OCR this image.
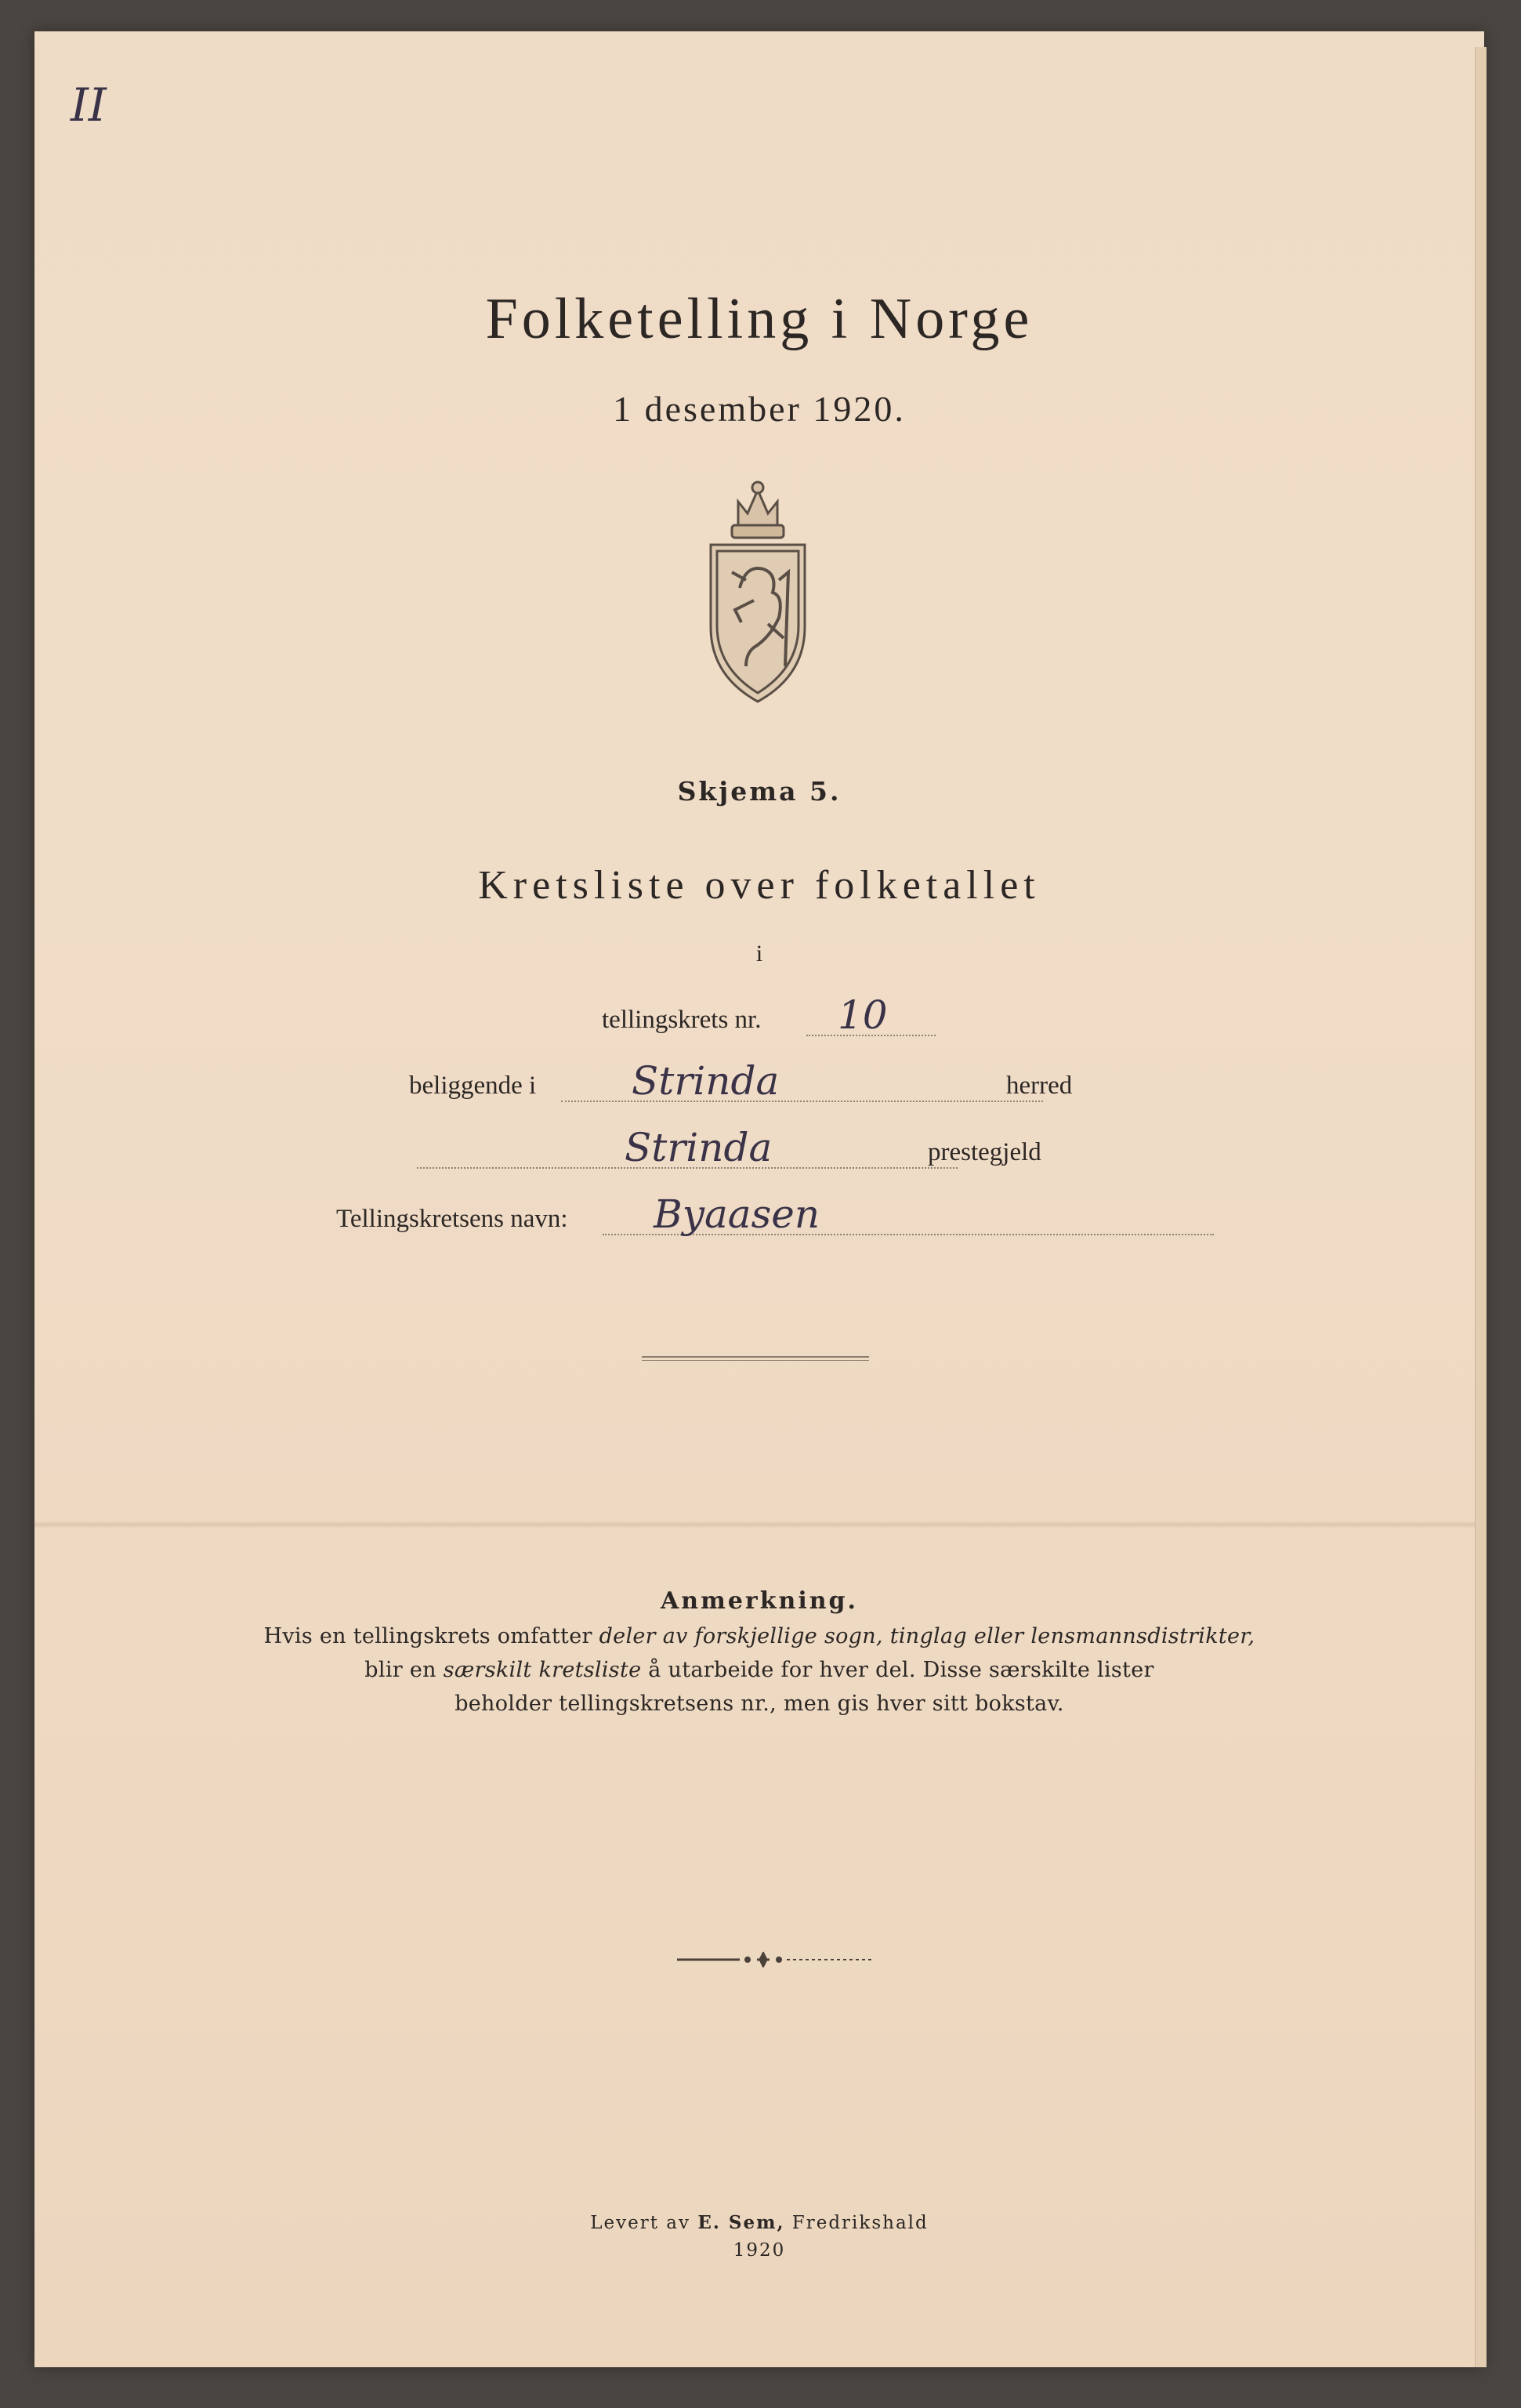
II
Folketelling i Norge
1 desember 1920.
Skjema 5.
Kretsliste over folketallet
i
tellingskrets nr. 10
beliggende i Strinda	herred
Strinda	prestegjeld
Tellingskretsens navn: Byaasen
Anmerkning.
Hvis en tellingskrets omfatter deler av forskjellige sogn, tinglag eller lensmannsdistrikter,
blir en særskilt kretsliste å utarbeide for hver del. Disse særskilte lister
beholder tellingskretsens nr., men gis hver sitt bokstav.
Levert av E. Sem, Fredrikshald
1920
